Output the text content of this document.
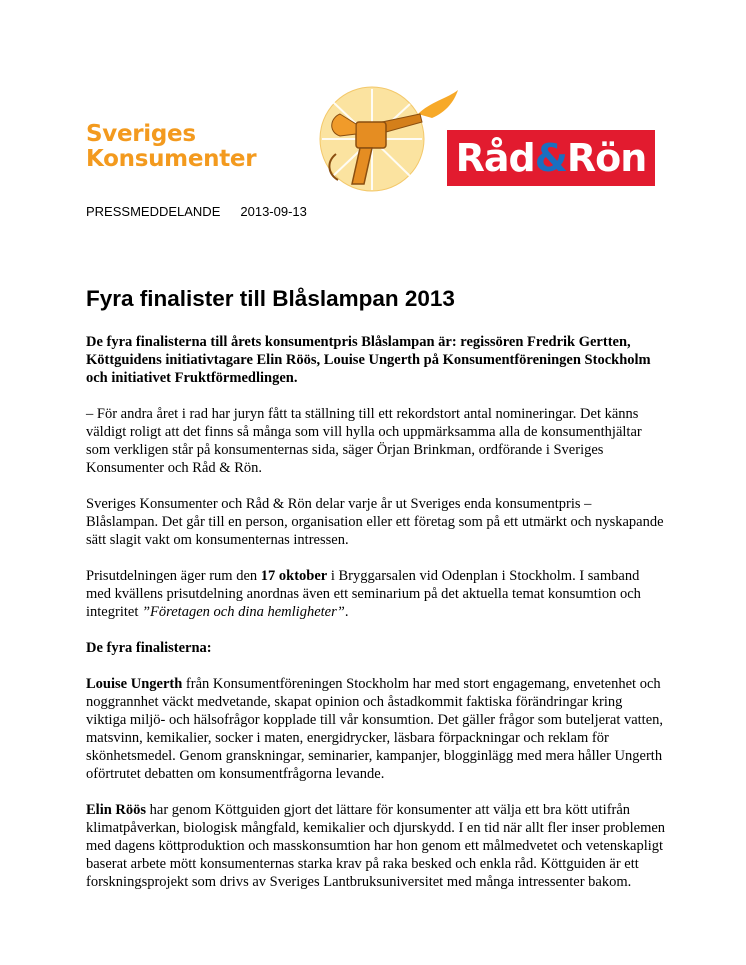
Sveriges
Konsumenter	Råd&Rön
PRESSMEDDELANDE 2013-09-13
Fyra finalister till Blåslampan 2013

De fyra finalisterna till årets konsumentpris Blåslampan är: regissören Fredrik Gertten, Köttguidens initiativtagare Elin Röös, Louise Ungerth på Konsumentföreningen Stockholm och initiativet Fruktförmedlingen.

– För andra året i rad har juryn fått ta ställning till ett rekordstort antal nomineringar. Det känns väldigt roligt att det finns så många som vill hylla och uppmärksamma alla de konsumenthjältar som verkligen står på konsumenternas sida, säger Örjan Brinkman, ordförande i Sveriges Konsumenter och Råd & Rön.

Sveriges Konsumenter och Råd & Rön delar varje år ut Sveriges enda konsumentpris – Blåslampan. Det går till en person, organisation eller ett företag som på ett utmärkt och nyskapande sätt slagit vakt om konsumenternas intressen.

Prisutdelningen äger rum den 17 oktober i Bryggarsalen vid Odenplan i Stockholm. I samband med kvällens prisutdelning anordnas även ett seminarium på det aktuella temat konsumtion och integritet ”Företagen och dina hemligheter”.

De fyra finalisterna:

Louise Ungerth från Konsumentföreningen Stockholm har med stort engagemang, envetenhet och noggrannhet väckt medvetande, skapat opinion och åstadkommit faktiska förändringar kring viktiga miljö- och hälsofrågor kopplade till vår konsumtion. Det gäller frågor som buteljerat vatten, matsvinn, kemikalier, socker i maten, energidrycker, läsbara förpackningar och reklam för skönhetsmedel. Genom granskningar, seminarier, kampanjer, blogginlägg med mera håller Ungerth oförtrutet debatten om konsumentfrågorna levande.

Elin Röös har genom Köttguiden gjort det lättare för konsumenter att välja ett bra kött utifrån klimatpåverkan, biologisk mångfald, kemikalier och djurskydd. I en tid när allt fler inser problemen med dagens köttproduktion och masskonsumtion har hon genom ett målmedvetet och vetenskapligt baserat arbete mött konsumenternas starka krav på raka besked och enkla råd. Köttguiden är ett forskningsprojekt som drivs av Sveriges Lantbruksuniversitet med många intressenter bakom.
